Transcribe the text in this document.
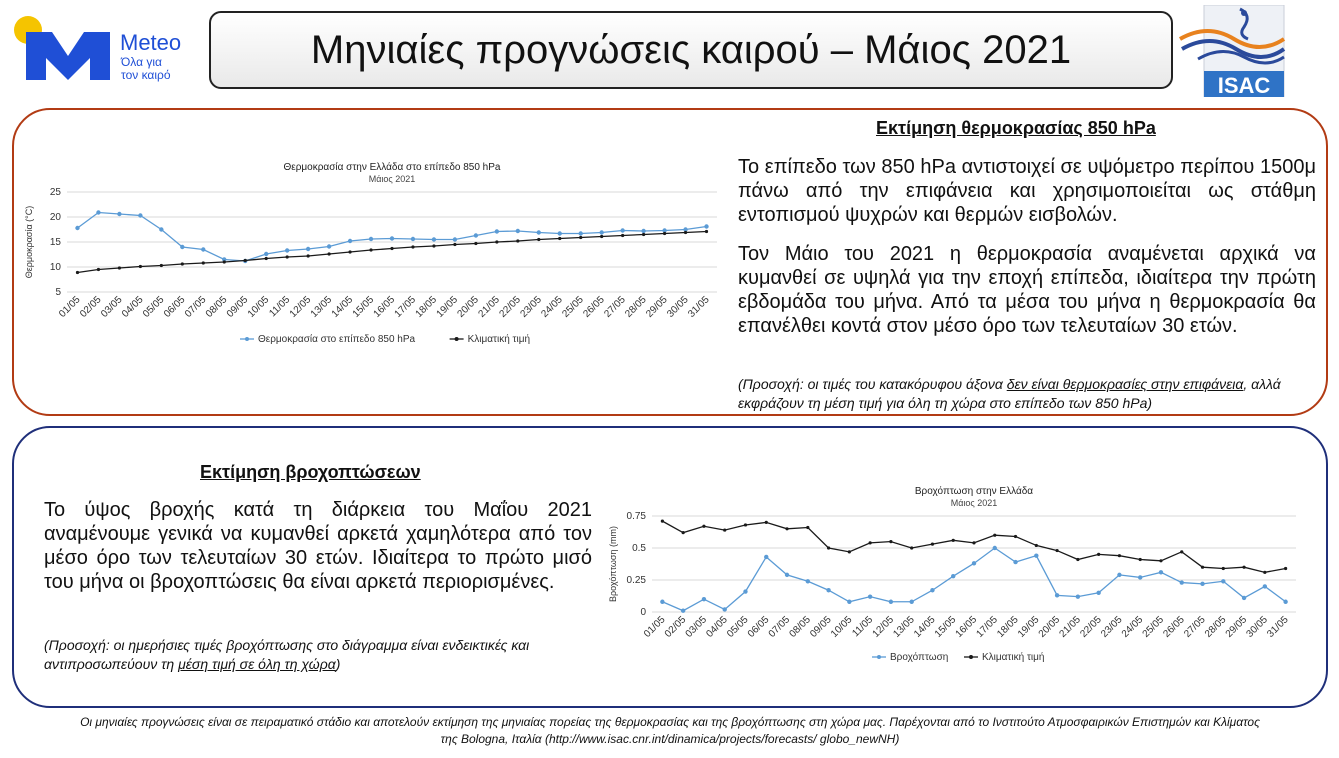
Meteo
Όλα για
τον καιρό
Μηνιαίες προγνώσεις καιρού – Μάιος 2021
ISAC
Θερμοκρασία στην Ελλάδα στο επίπεδο 850 hPa
Μάιος 2021
5
10
15
20
25
Θερμοκρασία (°C)
01/05
02/05
03/05
04/05
05/05
06/05
07/05
08/05
09/05
10/05
11/05
12/05
13/05
14/05
15/05
16/05
17/05
18/05
19/05
20/05
21/05
22/05
23/05
24/05
25/05
26/05
27/05
28/05
29/05
30/05
31/05
Θερμοκρασία στο επίπεδο 850 hPa	Κλιματική τιμή
Εκτίμηση θερμοκρασίας 850 hPa
Το επίπεδο των 850 hPa αντιστοιχεί σε υψόμετρο περίπου 1500μ πάνω από την επιφάνεια και χρησιμοποιείται ως στάθμη εντοπισμού ψυχρών και θερμών εισβολών.
Τον Μάιο του 2021 η θερμοκρασία αναμένεται αρχικά να κυμανθεί σε υψηλά για την εποχή επίπεδα, ιδιαίτερα την πρώτη εβδομάδα του μήνα. Από τα μέσα του μήνα η θερμοκρασία θα επανέλθει κοντά στον μέσο όρο των τελευταίων 30 ετών.
(Προσοχή: οι τιμές του κατακόρυφου άξονα δεν είναι θερμοκρασίες στην επιφάνεια, αλλά εκφράζουν τη μέση τιμή για όλη τη χώρα στο επίπεδο των 850 hPa)
Εκτίμηση βροχοπτώσεων
Το ύψος βροχής κατά τη διάρκεια του Μαΐου 2021 αναμένουμε γενικά να κυμανθεί αρκετά χαμηλότερα από τον μέσο όρο των τελευταίων 30 ετών. Ιδιαίτερα το πρώτο μισό του μήνα οι βροχοπτώσεις θα είναι αρκετά περιορισμένες.
(Προσοχή: οι ημερήσιες τιμές βροχόπτωσης στο διάγραμμα είναι ενδεικτικές και αντιπροσωπεύουν τη μέση τιμή σε όλη τη χώρα)
Βροχόπτωση στην Ελλάδα
Μάιος 2021
0
0.25
0.5
0.75
Βροχόπτωση (mm)
01/05
02/05
03/05
04/05
05/05
06/05
07/05
08/05
09/05
10/05
11/05
12/05
13/05
14/05
15/05
16/05
17/05
18/05
19/05
20/05
21/05
22/05
23/05
24/05
25/05
26/05
27/05
28/05
29/05
30/05
31/05
Βροχόπτωση	Κλιματική τιμή
Οι μηνιαίες προγνώσεις είναι σε πειραματικό στάδιο και αποτελούν εκτίμηση της μηνιαίας πορείας της θερμοκρασίας και της βροχόπτωσης στη χώρα μας. Παρέχονται από το Ινστιτούτο Ατμοσφαιρικών Επιστημών και Κλίματος
της Bologna, Ιταλία (http://www.isac.cnr.int/dinamica/projects/forecasts/ globo_newNH)
